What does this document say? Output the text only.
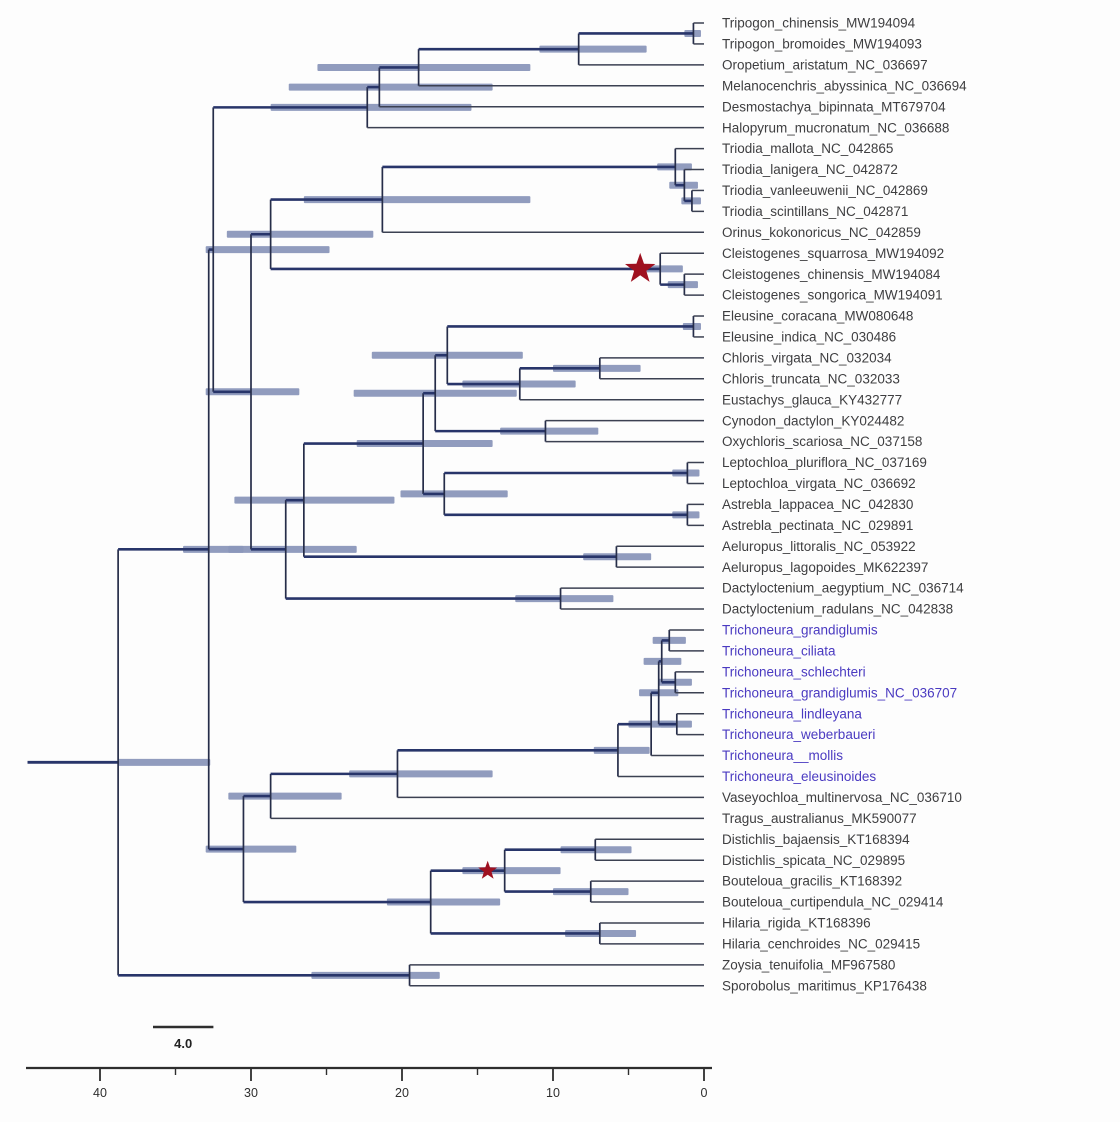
Tripogon_chinensis_MW194094
Tripogon_bromoides_MW194093
Oropetium_aristatum_NC_036697
Melanocenchris_abyssinica_NC_036694
Desmostachya_bipinnata_MT679704
Halopyrum_mucronatum_NC_036688
Triodia_mallota_NC_042865
Triodia_lanigera_NC_042872
Triodia_vanleeuwenii_NC_042869
Triodia_scintillans_NC_042871
Orinus_kokonoricus_NC_042859
Cleistogenes_squarrosa_MW194092
Cleistogenes_chinensis_MW194084
Cleistogenes_songorica_MW194091
Eleusine_coracana_MW080648
Eleusine_indica_NC_030486
Chloris_virgata_NC_032034
Chloris_truncata_NC_032033
Eustachys_glauca_KY432777
Cynodon_dactylon_KY024482
Oxychloris_scariosa_NC_037158
Leptochloa_pluriflora_NC_037169
Leptochloa_virgata_NC_036692
Astrebla_lappacea_NC_042830
Astrebla_pectinata_NC_029891
Aeluropus_littoralis_NC_053922
Aeluropus_lagopoides_MK622397
Dactyloctenium_aegyptium_NC_036714
Dactyloctenium_radulans_NC_042838
Trichoneura_grandiglumis
Trichoneura_ciliata
Trichoneura_schlechteri
Trichoneura_grandiglumis_NC_036707
Trichoneura_lindleyana
Trichoneura_weberbaueri
Trichoneura__mollis
Trichoneura_eleusinoides
Vaseyochloa_multinervosa_NC_036710
Tragus_australianus_MK590077
Distichlis_bajaensis_KT168394
Distichlis_spicata_NC_029895
Bouteloua_gracilis_KT168392
Bouteloua_curtipendula_NC_029414
Hilaria_rigida_KT168396
Hilaria_cenchroides_NC_029415
Zoysia_tenuifolia_MF967580
Sporobolus_maritimus_KP176438
4.0
40	30	20	10	0
